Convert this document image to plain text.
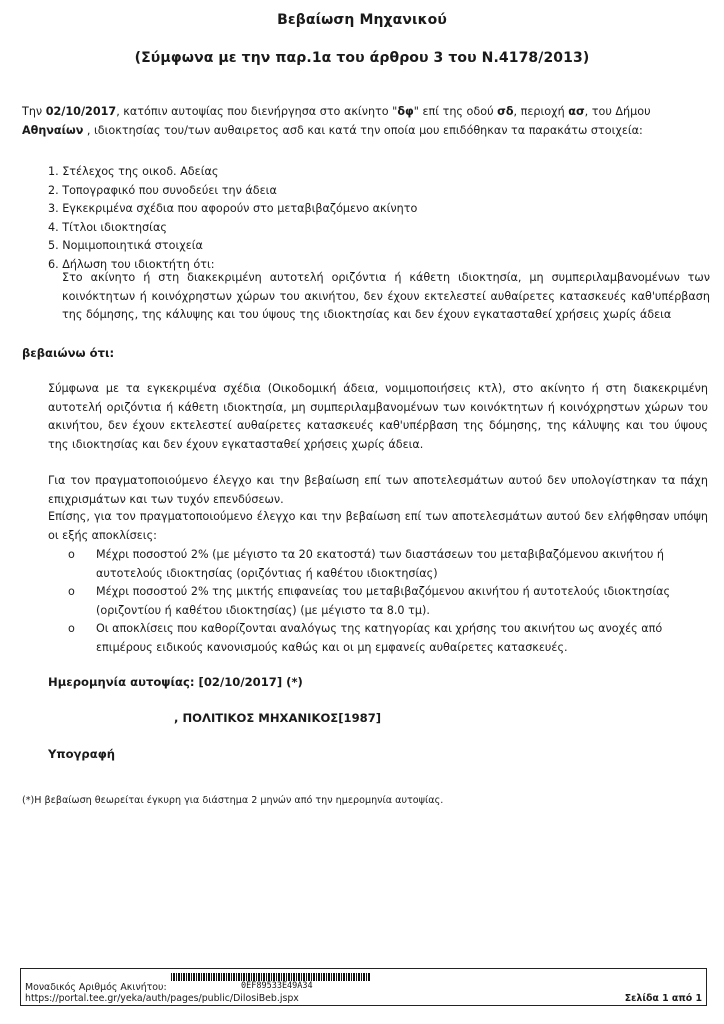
Βεβαίωση Μηχανικού
(Σύμφωνα με την παρ.1α του άρθρου 3 του Ν.4178/2013)
Την 02/10/2017, κατόπιν αυτοψίας που διενήργησα στο ακίνητο "δφ" επί της οδού σδ, περιοχή ασ, του Δήμου Αθηναίων , ιδιοκτησίας του/των αυθαιρετος ασδ και κατά την οποία μου επιδόθηκαν τα παρακάτω στοιχεία:
1. Στέλεχος της οικοδ. Αδείας
2. Τοπογραφικό που συνοδεύει την άδεια
3. Εγκεκριμένα σχέδια που αφορούν στο μεταβιβαζόμενο ακίνητο
4. Τίτλοι ιδιοκτησίας
5. Νομιμοποιητικά στοιχεία
6. Δήλωση του ιδιοκτήτη ότι:
Στο ακίνητο ή στη διακεκριμένη αυτοτελή οριζόντια ή κάθετη ιδιοκτησία, μη συμπεριλαμβανομένων των κοινόκτητων ή κοινόχρηστων χώρων του ακινήτου, δεν έχουν εκτελεστεί αυθαίρετες κατασκευές καθ'υπέρβαση της δόμησης, της κάλυψης και του ύψους της ιδιοκτησίας και δεν έχουν εγκατασταθεί χρήσεις χωρίς άδεια
βεβαιώνω ότι:
Σύμφωνα με τα εγκεκριμένα σχέδια (Οικοδομική άδεια, νομιμοποιήσεις κτλ), στο ακίνητο ή στη διακεκριμένη αυτοτελή οριζόντια ή κάθετη ιδιοκτησία, μη συμπεριλαμβανομένων των κοινόκτητων ή κοινόχρηστων χώρων του ακινήτου, δεν έχουν εκτελεστεί αυθαίρετες κατασκευές καθ'υπέρβαση της δόμησης, της κάλυψης και του ύψους της ιδιοκτησίας και δεν έχουν εγκατασταθεί χρήσεις χωρίς άδεια.
Για τον πραγματοποιούμενο έλεγχο και την βεβαίωση επί των αποτελεσμάτων αυτού δεν υπολογίστηκαν τα πάχη επιχρισμάτων και των τυχόν επενδύσεων.
Επίσης, για τον πραγματοποιούμενο έλεγχο και την βεβαίωση επί των αποτελεσμάτων αυτού δεν ελήφθησαν υπόψη οι εξής αποκλίσεις:
o Μέχρι ποσοστού 2% (με μέγιστο τα 20 εκατοστά) των διαστάσεων του μεταβιβαζόμενου ακινήτου ή αυτοτελούς ιδιοκτησίας (οριζόντιας ή καθέτου ιδιοκτησίας)
o Μέχρι ποσοστού 2% της μικτής επιφανείας του μεταβιβαζόμενου ακινήτου ή αυτοτελούς ιδιοκτησίας (οριζοντίου ή καθέτου ιδιοκτησίας) (με μέγιστο τα 8.0 τμ).
o Οι αποκλίσεις που καθορίζονται αναλόγως της κατηγορίας και χρήσης του ακινήτου ως ανοχές από επιμέρους ειδικούς κανονισμούς καθώς και οι μη εμφανείς αυθαίρετες κατασκευές.
Ημερομηνία αυτοψίας: [02/10/2017] (*)
, ΠΟΛΙΤΙΚΟΣ ΜΗΧΑΝΙΚΟΣ[1987]
Υπογραφή
(*)Η βεβαίωση θεωρείται έγκυρη για διάστημα 2 μηνών από την ημερομηνία αυτοψίας.
0EF89533E49A34
Μοναδικός Αριθμός Ακινήτου:
https://portal.tee.gr/yeka/auth/pages/public/DilosiBeb.jspx	Σελίδα 1 από 1
